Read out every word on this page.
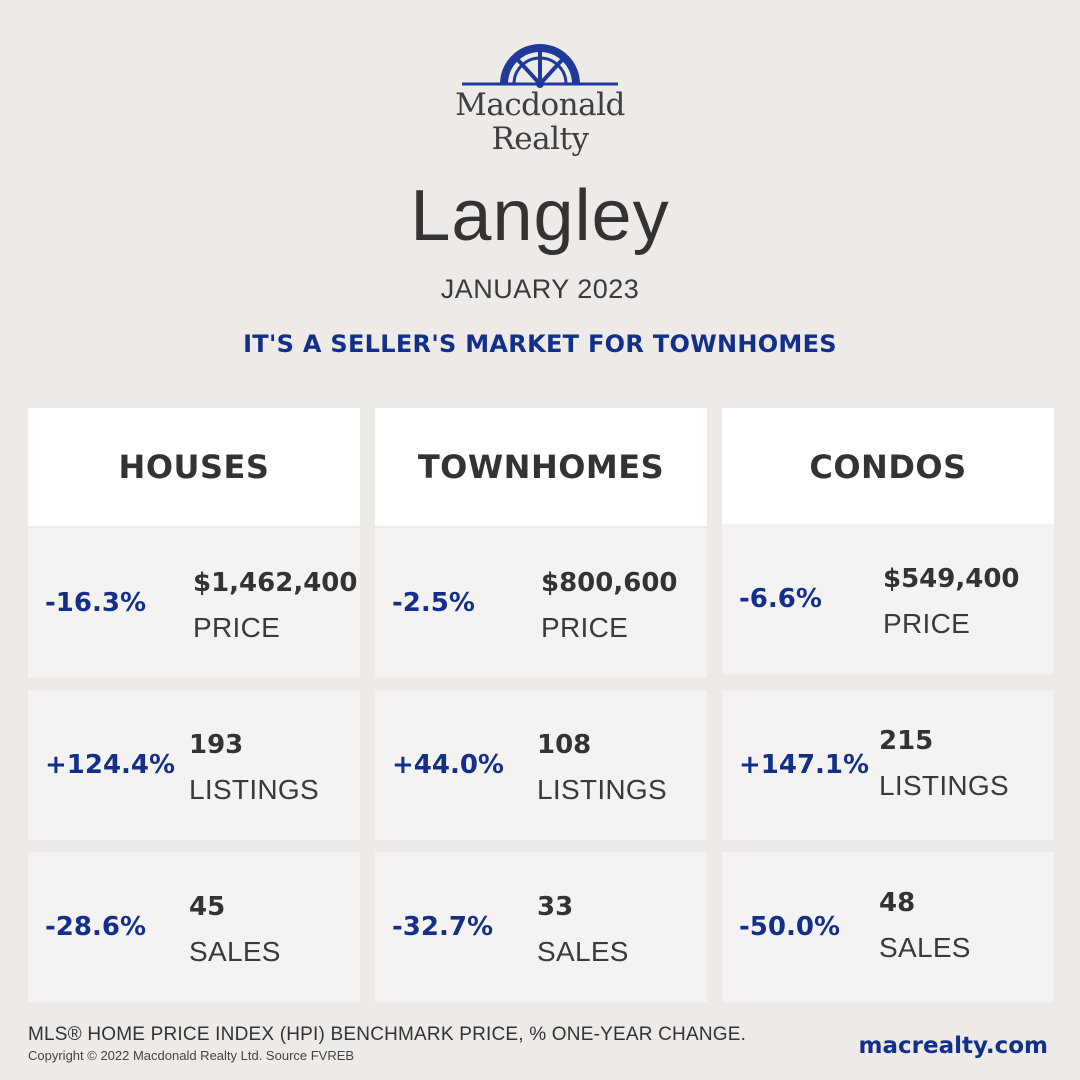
Macdonald
Realty
Langley
JANUARY 2023
IT'S A SELLER'S MARKET FOR TOWNHOMES
HOUSES
-16.3%
$1,462,400
PRICE
+124.4%
193
LISTINGS
-28.6%
45
SALES
TOWNHOMES
-2.5%
$800,600
PRICE
+44.0%
108
LISTINGS
-32.7%
33
SALES
CONDOS
-6.6%
$549,400
PRICE
+147.1%
215
LISTINGS
-50.0%
48
SALES
MLS® HOME PRICE INDEX (HPI) BENCHMARK PRICE, % ONE-YEAR CHANGE.
Copyright © 2022 Macdonald Realty Ltd. Source FVREB	macrealty.com
